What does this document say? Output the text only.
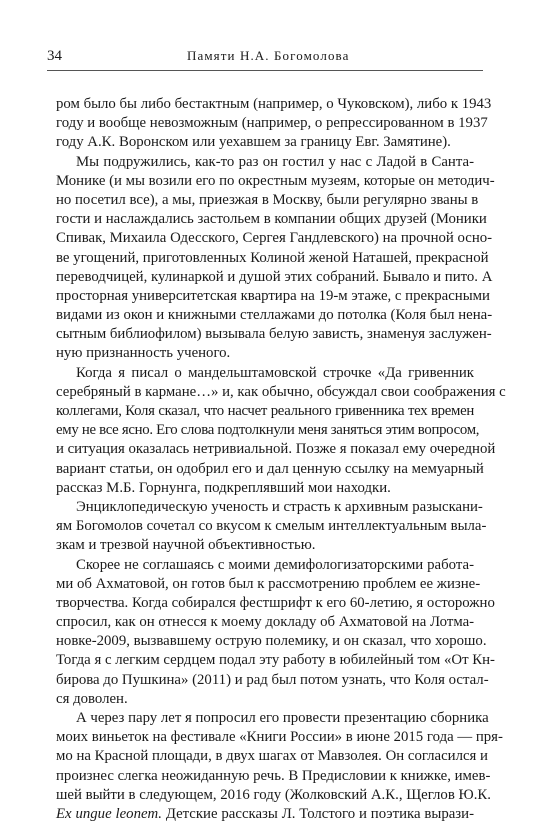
34	Памяти Н.А. Богомолова
ром было бы либо бестактным (например, о Чуковском), либо к 1943
году и вообще невозможным (например, о репрессированном в 1937
году А.К. Воронском или уехавшем за границу Евг. Замятине).
Мы подружились, как-то раз он гостил у нас с Ладой в Санта-
Монике (и мы возили его по окрестным музеям, которые он методич-
но посетил все), а мы, приезжая в Москву, были регулярно званы в
гости и наслаждались застольем в компании общих друзей (Моники
Спивак, Михаила Одесского, Сергея Гандлевского) на прочной осно-
ве угощений, приготовленных Колиной женой Наташей, прекрасной
переводчицей, кулинаркой и душой этих собраний. Бывало и пито. А
просторная университетская квартира на 19-м этаже, с прекрасными
видами из окон и книжными стеллажами до потолка (Коля был нена-
сытным библиофилом) вызывала белую зависть, знаменуя заслужен-
ную признанность ученого.
Когда я писал о мандельштамовской строчке «Да гривенник
серебряный в кармане…» и, как обычно, обсуждал свои соображения с
коллегами, Коля сказал, что насчет реального гривенника тех времен
ему не все ясно. Его слова подтолкнули меня заняться этим вопросом,
и ситуация оказалась нетривиальной. Позже я показал ему очередной
вариант статьи, он одобрил его и дал ценную ссылку на мемуарный
рассказ М.Б. Горнунга, подкреплявший мои находки.
Энциклопедическую ученость и страсть к архивным разыскани-
ям Богомолов сочетал со вкусом к смелым интеллектуальным выла-
зкам и трезвой научной объективностью.
Скорее не соглашаясь с моими демифологизаторскими работа-
ми об Ахматовой, он готов был к рассмотрению проблем ее жизне-
творчества. Когда собирался фестшрифт к его 60-летию, я осторожно
спросил, как он отнесся к моему докладу об Ахматовой на Лотма-
новке-2009, вызвавшему острую полемику, и он сказал, что хорошо.
Тогда я с легким сердцем подал эту работу в юбилейный том «От Кн-
бирова до Пушкина» (2011) и рад был потом узнать, что Коля остал-
ся доволен.
А через пару лет я попросил его провести презентацию сборника
моих виньеток на фестивале «Книги России» в июне 2015 года — пря-
мо на Красной площади, в двух шагах от Мавзолея. Он согласился и
произнес слегка неожиданную речь. В Предисловии к книжке, имев-
шей выйти в следующем, 2016 году (Жолковский А.К., Щеглов Ю.К.
Ex ungue leonem. Детские рассказы Л. Толстого и поэтика вырази-
